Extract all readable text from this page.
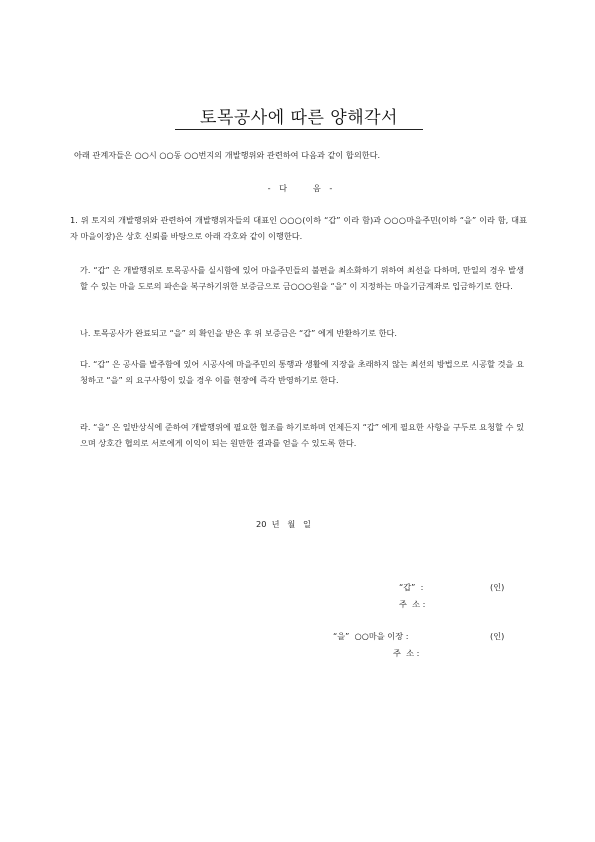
토목공사에 따른 양해각서
아래 관계자들은 ○○시 ○○동 ○○번지의 개발행위와 관련하여 다음과 같이 합의한다.
- 다   음 -
1. 위 토지의 개발행위와 관련하여 개발행위자들의 대표인 ○○○(이하 “갑” 이라 함)과 ○○○마을주민(이하 “을” 이라 함, 대표자 마을이장)은 상호 신뢰를 바탕으로 아래 각호와 같이 이행한다.
가. “갑” 은 개발행위로 토목공사를 실시함에 있어 마을주민들의 불편을 최소화하기 위하여 최선을 다하며, 만일의 경우 발생할 수 있는 마을 도로의 파손을 복구하기위한 보증금으로 금○○○원을 “을” 이 지정하는 마을기금계좌로 입금하기로 한다.
나. 토목공사가 완료되고 “을” 의 확인을 받은 후 위 보증금은 “갑” 에게 반환하기로 한다.
다. “갑” 은 공사를 발주함에 있어 시공사에 마을주민의 통행과 생활에 지장을 초래하지 않는 최선의 방법으로 시공할 것을 요청하고 “을” 의 요구사항이 있을 경우 이를 현장에 즉각 반영하기로 한다.
라. “을” 은 일반상식에 준하여 개발행위에 필요한 협조를 하기로하며 언제든지 “갑” 에게 필요한 사항을 구두로 요청할 수 있으며 상호간 협의로 서로에게 이익이 되는 원만한 결과를 얻을 수 있도록 한다.
20  년   월   일
“갑”  :	(인)
주  소 :
“을”  ○○마을 이장 :	(인)
주  소 :
